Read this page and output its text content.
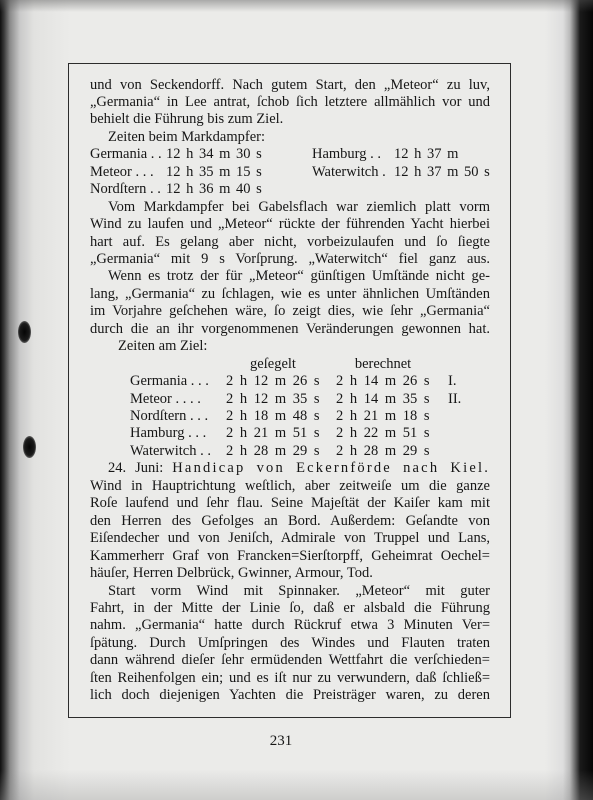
und von Seckendorff. Nach gutem Start, den „Meteor“ zu luv,
„Germania“ in Lee antrat, ſchob ſich letztere allmählich vor und
behielt die Führung bis zum Ziel.
Zeiten beim Markdampfer:
Germania . . 12 h 34 m 30 s	Hamburg . . 12 h 37 m
Meteor . . . 12 h 35 m 15 s	Waterwitch . 12 h 37 m 50 s
Nordſtern . . 12 h 36 m 40 s
Vom Markdampfer bei Gabelsflach war ziemlich platt vorm
Wind zu laufen und „Meteor“ rückte der führenden Yacht hierbei
hart auf. Es gelang aber nicht, vorbeizulaufen und ſo ſiegte
„Germania“ mit 9 s Vorſprung. „Waterwitch“ fiel ganz aus.
Wenn es trotz der für „Meteor“ günſtigen Umſtände nicht ge-
lang, „Germania“ zu ſchlagen, wie es unter ähnlichen Umſtänden
im Vorjahre geſchehen wäre, ſo zeigt dies, wie ſehr „Germania“
durch die an ihr vorgenommenen Veränderungen gewonnen hat.
Zeiten am Ziel:
geſegelt	berechnet
Germania . . . 2 h 12 m 26 s 2 h 14 m 26 s I.
Meteor . . . . 2 h 12 m 35 s 2 h 14 m 35 s II.
Nordſtern . . . 2 h 18 m 48 s 2 h 21 m 18 s
Hamburg . . . 2 h 21 m 51 s 2 h 22 m 51 s
Waterwitch . . 2 h 28 m 29 s 2 h 28 m 29 s
24. Juni: Handicap von Eckernförde nach Kiel.
Wind in Hauptrichtung weſtlich, aber zeitweiſe um die ganze
Roſe laufend und ſehr flau. Seine Majeſtät der Kaiſer kam mit
den Herren des Gefolges an Bord. Außerdem: Geſandte von
Eiſendecher und von Jeniſch, Admirale von Truppel und Lans,
Kammerherr Graf von Francken=Sierſtorpff, Geheimrat Oechel=
häuſer, Herren Delbrück, Gwinner, Armour, Tod.
Start vorm Wind mit Spinnaker. „Meteor“ mit guter
Fahrt, in der Mitte der Linie ſo, daß er alsbald die Führung
nahm. „Germania“ hatte durch Rückruf etwa 3 Minuten Ver=
ſpätung. Durch Umſpringen des Windes und Flauten traten
dann während dieſer ſehr ermüdenden Wettfahrt die verſchieden=
ſten Reihenfolgen ein; und es iſt nur zu verwundern, daß ſchließ=
lich doch diejenigen Yachten die Preisträger waren, zu deren
231
